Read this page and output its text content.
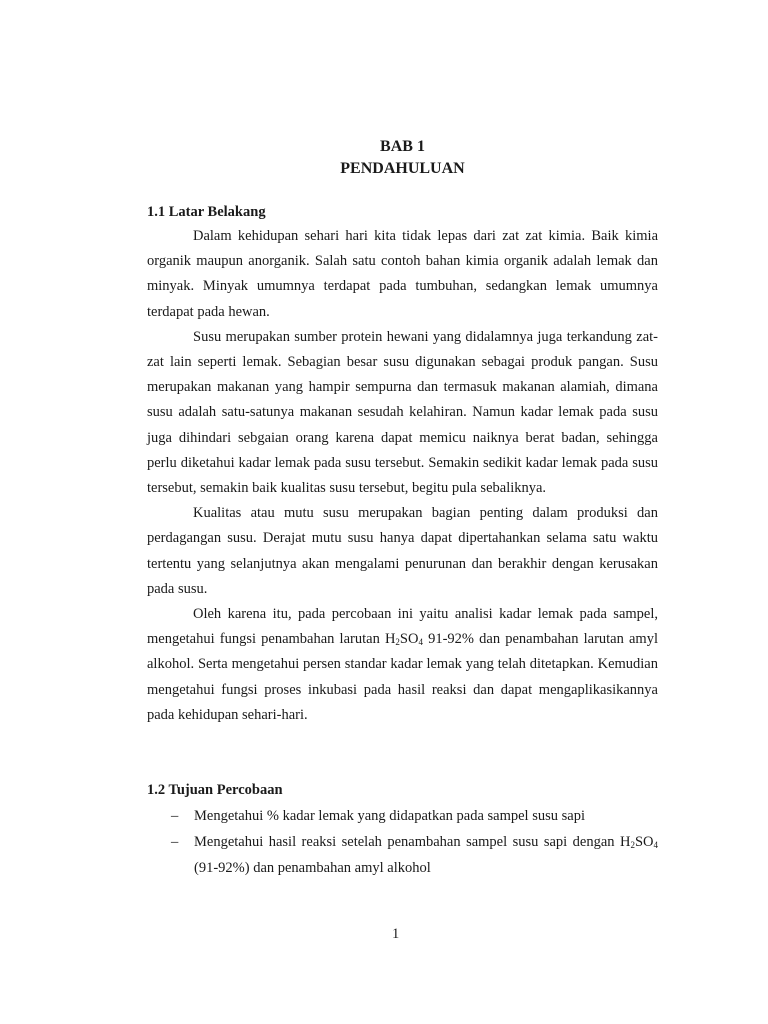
BAB 1

PENDAHULUAN

1.1 Latar Belakang

Dalam kehidupan sehari hari kita tidak lepas dari zat zat kimia. Baik kimia organik maupun anorganik. Salah satu contoh bahan kimia organik adalah lemak dan minyak. Minyak umumnya terdapat pada tumbuhan, sedangkan lemak umumnya terdapat pada hewan.

Susu merupakan sumber protein hewani yang didalamnya juga terkandung zat-zat lain seperti lemak. Sebagian besar susu digunakan sebagai produk pangan. Susu merupakan makanan yang hampir sempurna dan termasuk makanan alamiah, dimana susu adalah satu-satunya makanan sesudah kelahiran. Namun kadar lemak pada susu juga dihindari sebgaian orang karena dapat memicu naiknya berat badan, sehingga perlu diketahui kadar lemak pada susu tersebut. Semakin sedikit kadar lemak pada susu tersebut, semakin baik kualitas susu tersebut, begitu pula sebaliknya.

Kualitas atau mutu susu merupakan bagian penting dalam produksi dan perdagangan susu. Derajat mutu susu hanya dapat dipertahankan selama satu waktu tertentu yang selanjutnya akan mengalami penurunan dan berakhir dengan kerusakan pada susu.

Oleh karena itu, pada percobaan ini yaitu analisi kadar lemak pada sampel, mengetahui fungsi penambahan larutan $H_2SO_4$ 91-92% dan penambahan larutan amyl alkohol. Serta mengetahui persen standar kadar lemak yang telah ditetapkan. Kemudian mengetahui fungsi proses inkubasi pada hasil reaksi dan dapat mengaplikasikannya pada kehidupan sehari-hari.

1.2 Tujuan Percobaan

– Mengetahui % kadar lemak yang didapatkan pada sampel susu sapi
– Mengetahui hasil reaksi setelah penambahan sampel susu sapi dengan $H_2SO_4$ (91-92%) dan penambahan amyl alkohol

1
